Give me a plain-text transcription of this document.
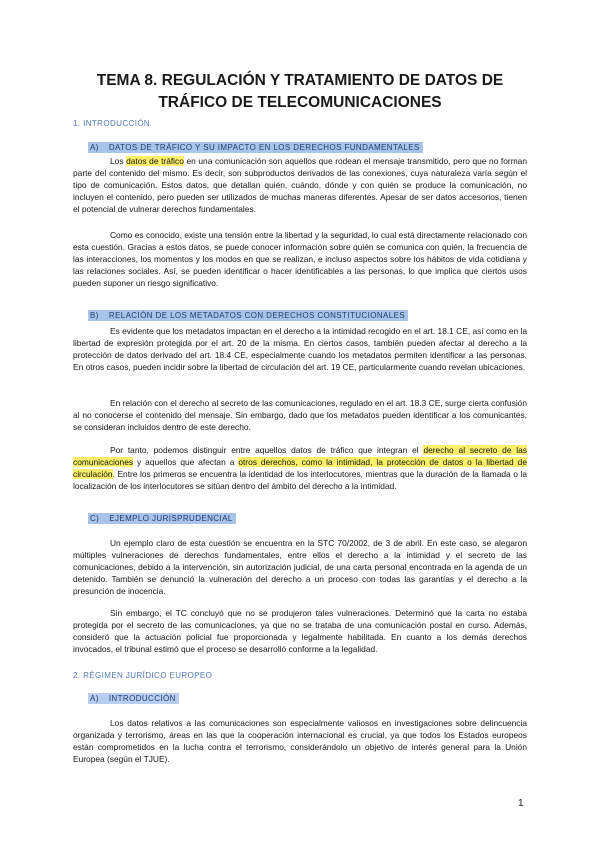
TEMA 8. REGULACIÓN Y TRATAMIENTO DE DATOS DE
TRÁFICO DE TELECOMUNICACIONES
1. INTRODUCCIÓN
A) DATOS DE TRÁFICO Y SU IMPACTO EN LOS DERECHOS FUNDAMENTALES

Los datos de tráfico en una comunicación son aquellos que rodean el mensaje transmitido, pero que no forman parte del contenido del mismo. Es decir, son subproductos derivados de las conexiones, cuya naturaleza varía según el tipo de comunicación. Estos datos, que detallan quién, cuándo, dónde y con quién se produce la comunicación, no incluyen el contenido, pero pueden ser utilizados de muchas maneras diferentes. Apesar de ser datos accesorios, tienen el potencial de vulnerar derechos fundamentales.

Como es conocido, existe una tensión entre la libertad y la seguridad, lo cual está directamente relacionado con esta cuestión. Gracias a estos datos, se puede conocer información sobre quién se comunica con quién, la frecuencia de las interacciones, los momentos y los modos en que se realizan, e incluso aspectos sobre los hábitos de vida cotidiana y las relaciones sociales. Así, se pueden identificar o hacer identificables a las personas, lo que implica que ciertos usos pueden suponer un riesgo significativo.

B) RELACIÓN DE LOS METADATOS CON DERECHOS CONSTITUCIONALES

Es evidente que los metadatos impactan en el derecho a la intimidad recogido en el art. 18.1 CE, así como en la libertad de expresión protegida por el art. 20 de la misma. En ciertos casos, también pueden afectar al derecho a la protección de datos derivado del art. 18.4 CE, especialmente cuando los metadatos permiten identificar a las personas. En otros casos, pueden incidir sobre la libertad de circulación del art. 19 CE, particularmente cuando revelan ubicaciones.

En relación con el derecho al secreto de las comunicaciones, regulado en el art. 18.3 CE, surge cierta confusión al no conocerse el contenido del mensaje. Sin embargo, dado que los metadatos pueden identificar a los comunicantes, se consideran incluidos dentro de este derecho.

Por tanto, podemos distinguir entre aquellos datos de tráfico que integran el derecho al secreto de las comunicaciones y aquellos que afectan a otros derechos, como la intimidad, la protección de datos o la libertad de circulación. Entre los primeros se encuentra la identidad de los interlocutores, mientras que la duración de la llamada o la localización de los interlocutores se sitúan dentro del ámbito del derecho a la intimidad.

C) EJEMPLO JURISPRUDENCIAL

Un ejemplo claro de esta cuestión se encuentra en la STC 70/2002, de 3 de abril. En este caso, se alegaron múltiples vulneraciones de derechos fundamentales, entre ellos el derecho a la intimidad y el secreto de las comunicaciones, debido a la intervención, sin autorización judicial, de una carta personal encontrada en la agenda de un detenido. También se denunció la vulneración del derecho a un proceso con todas las garantías y el derecho a la presunción de inocencia.

Sin embargo, el TC concluyó que no se produjeron tales vulneraciones. Determinó que la carta no estaba protegida por el secreto de las comunicaciones, ya que no se trataba de una comunicación postal en curso. Además, consideró que la actuación policial fue proporcionada y legalmente habilitada. En cuanto a los demás derechos invocados, el tribunal estimó que el proceso se desarrolló conforme a la legalidad.

2. RÉGIMEN JURÍDICO EUROPEO
A) INTRODUCCIÓN

Los datos relativos a las comunicaciones son especialmente valiosos en investigaciones sobre delincuencia organizada y terrorismo, áreas en las que la cooperación internacional es crucial, ya que todos los Estados europeos están comprometidos en la lucha contra el terrorismo, considerándolo un objetivo de interés general para la Unión Europea (según el TJUE).

1
